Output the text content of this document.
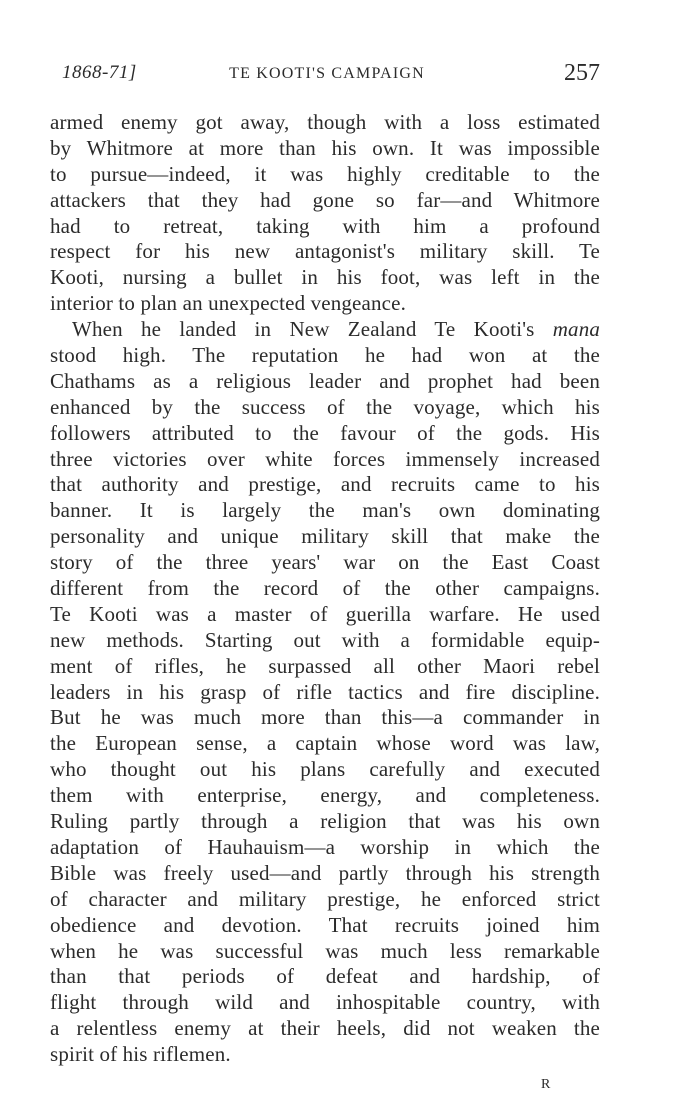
1868-71]	TE KOOTI'S CAMPAIGN	257
armed enemy got away, though with a loss estimated
by Whitmore at more than his own. It was impossible
to pursue—indeed, it was highly creditable to the
attackers that they had gone so far—and Whitmore
had to retreat, taking with him a profound
respect for his new antagonist's military skill. Te
Kooti, nursing a bullet in his foot, was left in the
interior to plan an unexpected vengeance.
When he landed in New Zealand Te Kooti's mana
stood high. The reputation he had won at the
Chathams as a religious leader and prophet had been
enhanced by the success of the voyage, which his
followers attributed to the favour of the gods. His
three victories over white forces immensely increased
that authority and prestige, and recruits came to his
banner. It is largely the man's own dominating
personality and unique military skill that make the
story of the three years' war on the East Coast
different from the record of the other campaigns.
Te Kooti was a master of guerilla warfare. He used
new methods. Starting out with a formidable equip-
ment of rifles, he surpassed all other Maori rebel
leaders in his grasp of rifle tactics and fire discipline.
But he was much more than this—a commander in
the European sense, a captain whose word was law,
who thought out his plans carefully and executed
them with enterprise, energy, and completeness.
Ruling partly through a religion that was his own
adaptation of Hauhauism—a worship in which the
Bible was freely used—and partly through his strength
of character and military prestige, he enforced strict
obedience and devotion. That recruits joined him
when he was successful was much less remarkable
than that periods of defeat and hardship, of
flight through wild and inhospitable country, with
a relentless enemy at their heels, did not weaken the
spirit of his riflemen.
R
